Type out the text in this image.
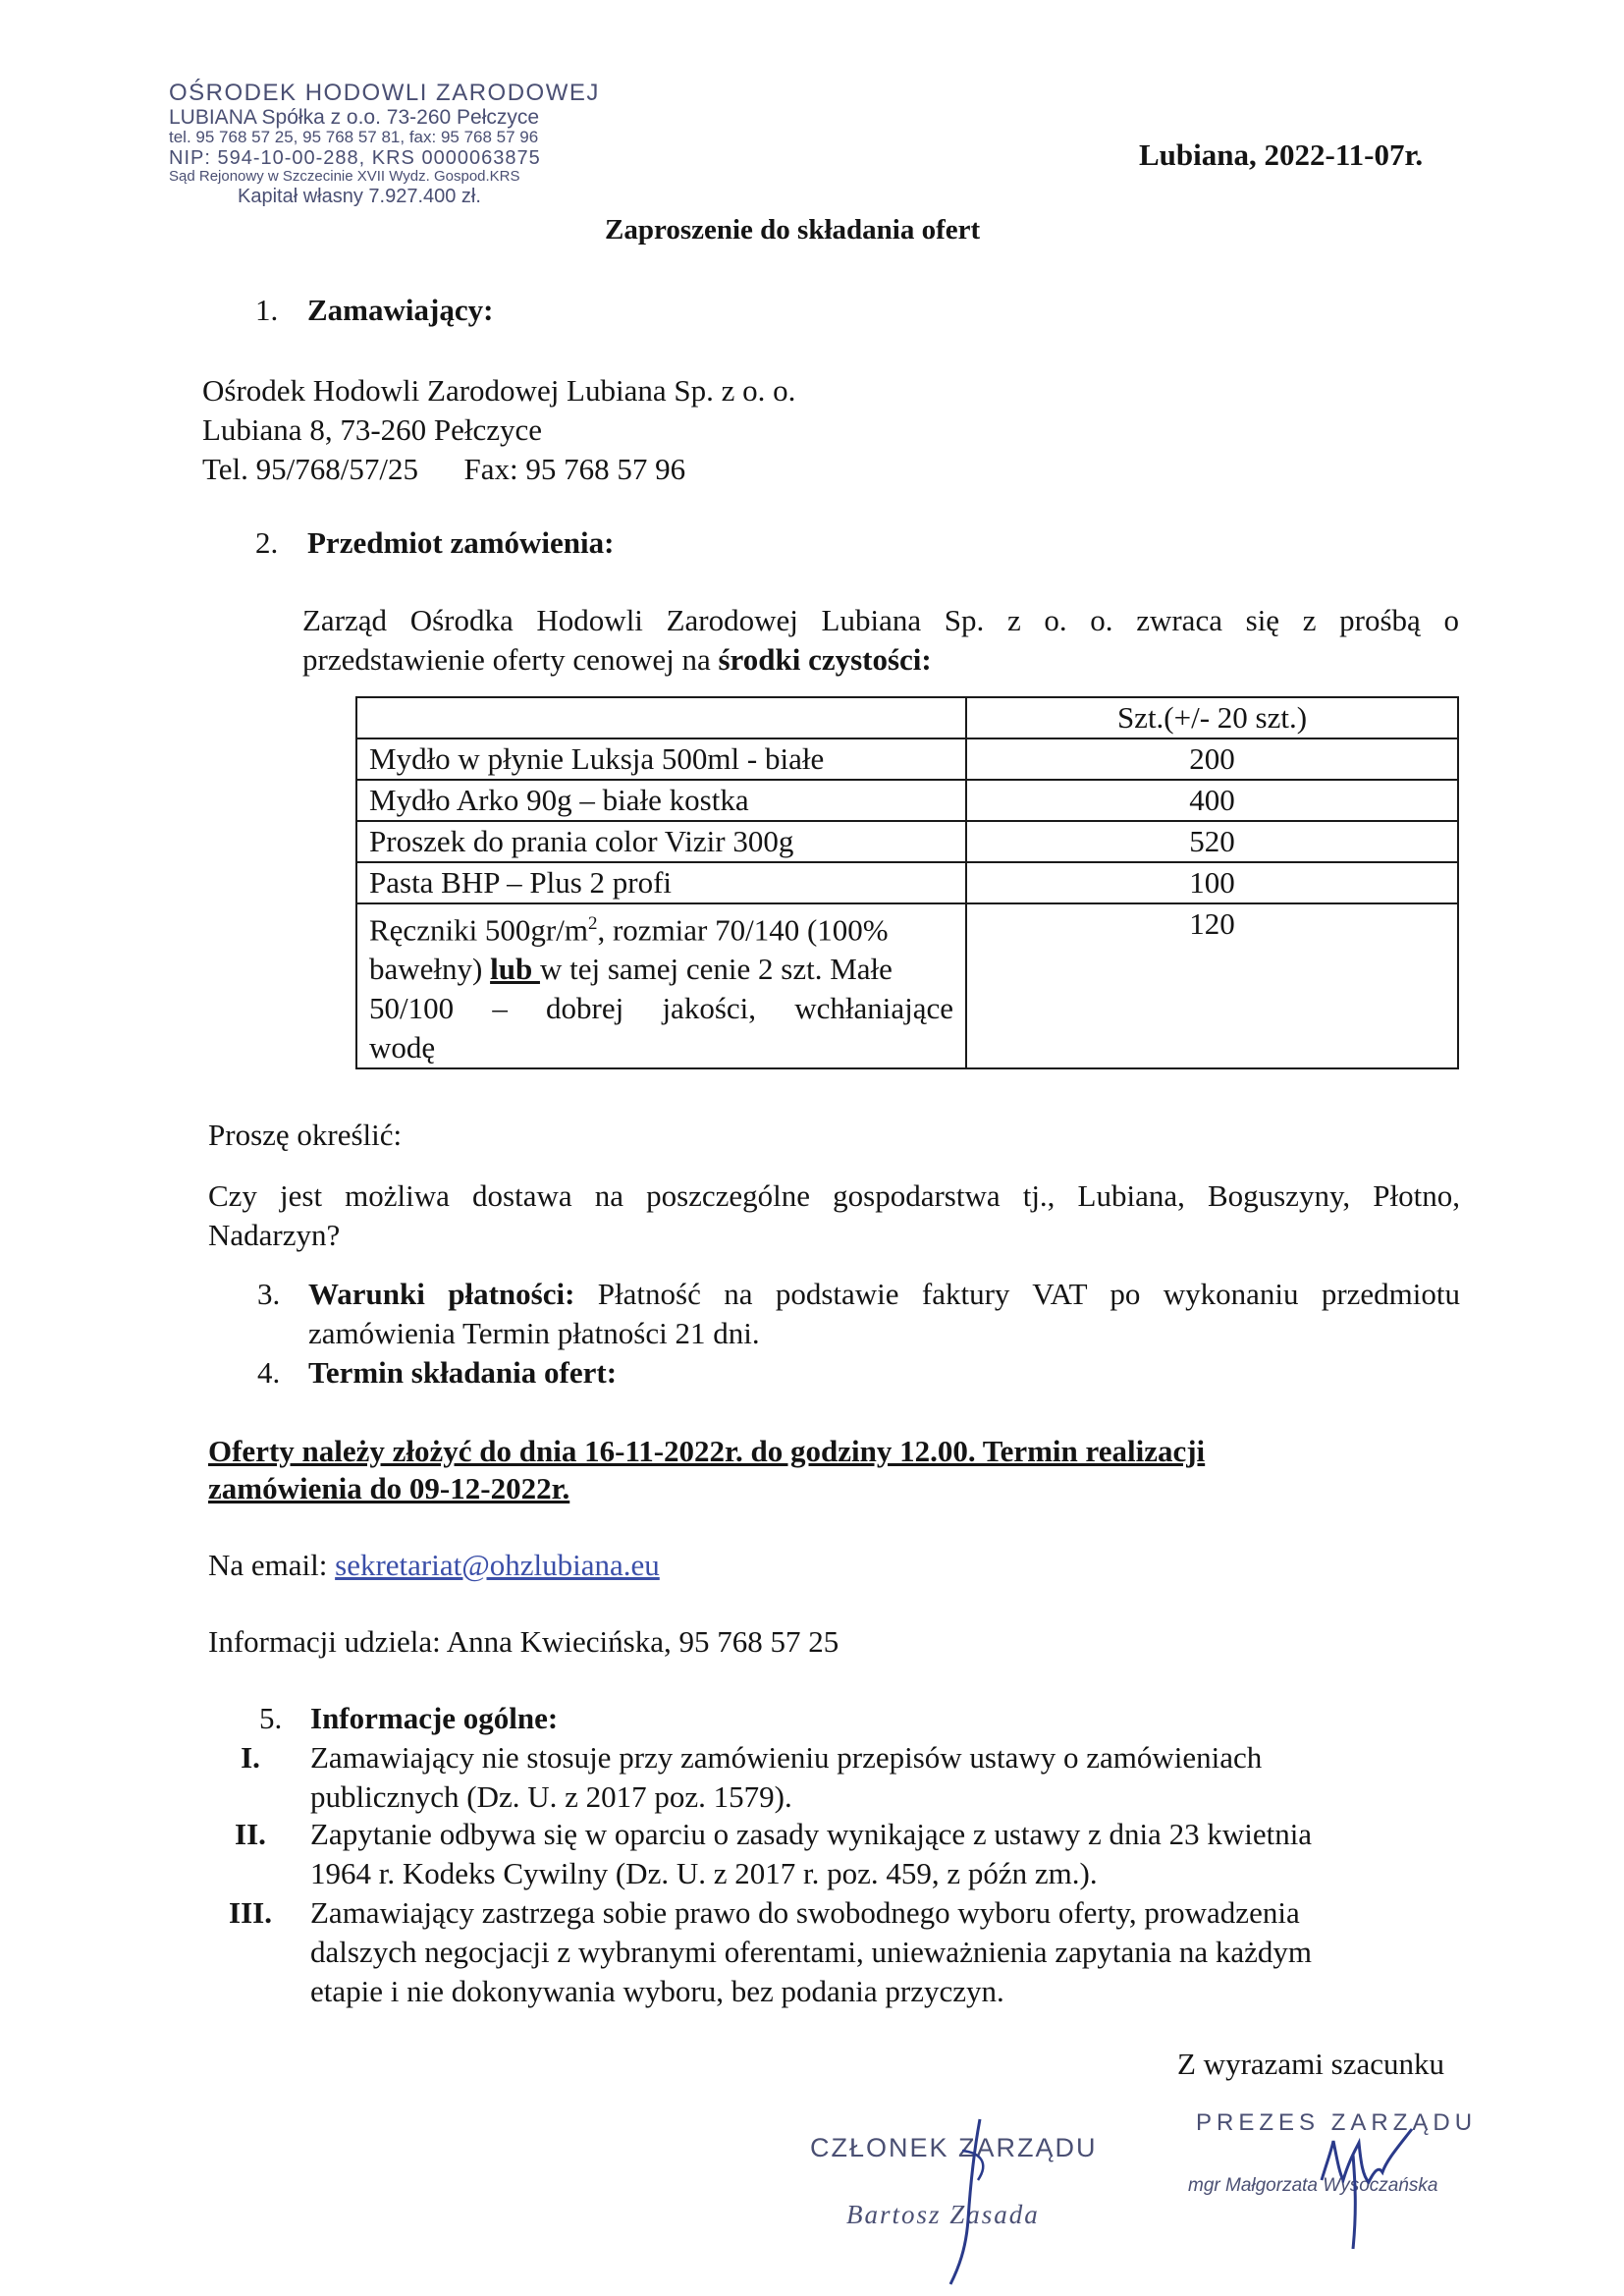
OŚRODEK HODOWLI ZARODOWEJ
LUBIANA Spółka z o.o. 73-260 Pełczyce
tel. 95 768 57 25, 95 768 57 81, fax: 95 768 57 96
NIP: 594-10-00-288, KRS 0000063875
Sąd Rejonowy w Szczecinie XVII Wydz. Gospod.KRS
Kapitał własny 7.927.400 zł.
Lubiana, 2022-11-07r.
Zaproszenie do składania ofert
1. Zamawiający:
Ośrodek Hodowli Zarodowej Lubiana Sp. z o. o.
Lubiana 8, 73-260 Pełczyce
Tel. 95/768/57/25      Fax: 95 768 57 96
2. Przedmiot zamówienia:
Zarząd Ośrodka Hodowli Zarodowej Lubiana Sp. z o. o. zwraca się z prośbą o
przedstawienie oferty cenowej na środki czystości:
	Szt.(+/- 20 szt.)
Mydło w płynie Luksja 500ml - białe	200
Mydło Arko 90g – białe kostka	400
Proszek do prania color Vizir 300g	520
Pasta BHP – Plus 2 profi	100

Ręczniki $500gr/m^2$, rozmiar 70/140 (100%
bawełny) lub w tej samej cenie 2 szt. Małe
50/100 – dobrej jakości, wchłaniające
wodę	120
Proszę określić:
Czy jest możliwa dostawa na poszczególne gospodarstwa tj., Lubiana, Boguszyny, Płotno,
Nadarzyn?
3. Warunki płatności: Płatność na podstawie faktury VAT po wykonaniu przedmiotu
zamówienia Termin płatności 21 dni.
4. Termin składania ofert:
Oferty należy złożyć do dnia 16-11-2022r. do godziny 12.00. Termin realizacji
zamówienia do 09-12-2022r.
Na email: sekretariat@ohzlubiana.eu
Informacji udziela: Anna Kwiecińska, 95 768 57 25
5. Informacje ogólne:
I.	Zamawiający nie stosuje przy zamówieniu przepisów ustawy o zamówieniach
publicznych (Dz. U. z 2017 poz. 1579).
II.	Zapytanie odbywa się w oparciu o zasady wynikające z ustawy z dnia 23 kwietnia
1964 r. Kodeks Cywilny (Dz. U. z 2017 r. poz. 459, z późn zm.).
III.	Zamawiający zastrzega sobie prawo do swobodnego wyboru oferty, prowadzenia
dalszych negocjacji z wybranymi oferentami, unieważnienia zapytania na każdym
etapie i nie dokonywania wyboru, bez podania przyczyn.
Z wyrazami szacunku
CZŁONEK ZARZĄDU
Bartosz Zasada
PREZES ZARZĄDU
mgr Małgorzata Wysoczańska
